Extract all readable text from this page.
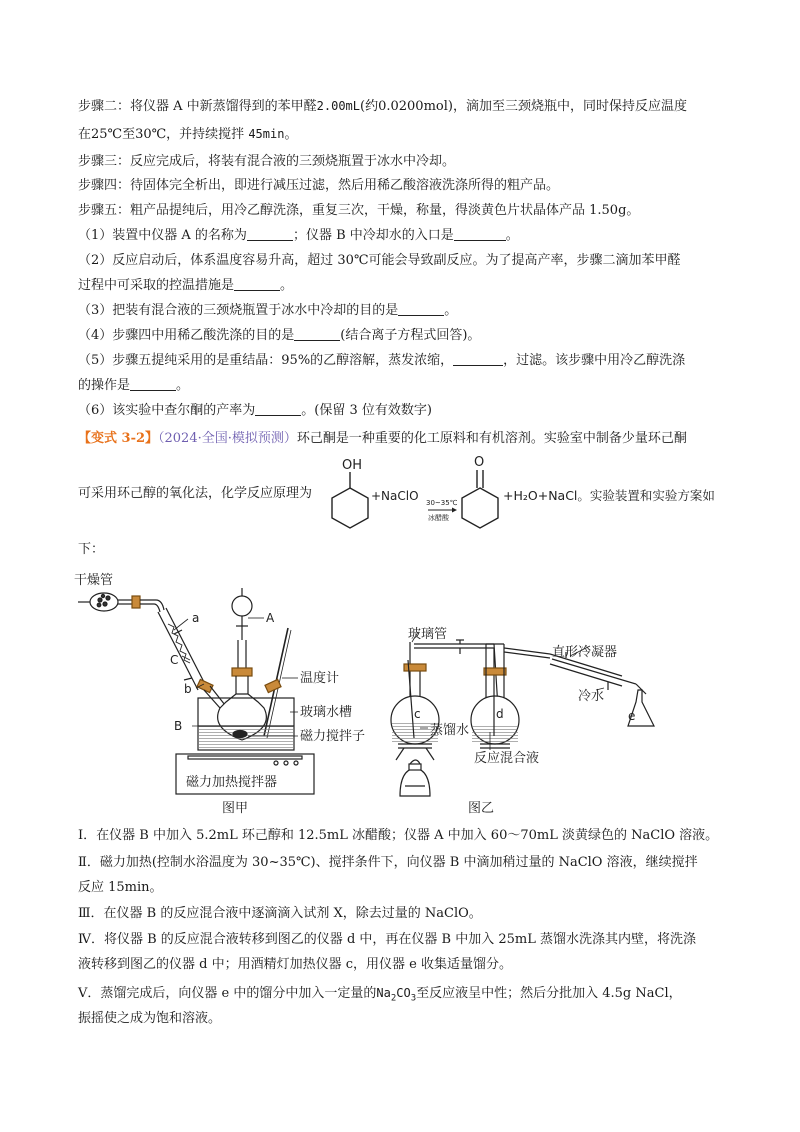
步骤二：将仪器 A 中新蒸馏得到的苯甲醛2.00mL(约0.0200mol)，滴加至三颈烧瓶中，同时保持反应温度
在25℃至30℃，并持续搅拌 45min。
步骤三：反应完成后，将装有混合液的三颈烧瓶置于冰水中冷却。
步骤四：待固体完全析出，即进行减压过滤，然后用稀乙酸溶液洗涤所得的粗产品。
步骤五：粗产品提纯后，用冷乙醇洗涤，重复三次，干燥，称量，得淡黄色片状晶体产品 1.50g。
（1）装置中仪器 A 的名称为	；仪器 B 中冷却水的入口是	。
（2）反应启动后，体系温度容易升高，超过 30℃可能会导致副反应。为了提高产率，步骤二滴加苯甲醛
过程中可采取的控温措施是	。
（3）把装有混合液的三颈烧瓶置于冰水中冷却的目的是	。
（4）步骤四中用稀乙酸洗涤的目的是	(结合离子方程式回答)。
（5）步骤五提纯采用的是重结晶：95%的乙醇溶解，蒸发浓缩，	，过滤。该步骤中用冷乙醇洗涤
的操作是	。
（6）该实验中查尔酮的产率为	。(保留 3 位有效数字)
【变式 3-2】（2024·全国·模拟预测）环己酮是一种重要的化工原料和有机溶剂。实验室中制备少量环己酮
可采用环己醇的氧化法，化学反应原理为
OH
+NaClO 30~35℃
冰醋酸
O
+H₂O+NaCl。实验装置和实验方案如
下：
干燥管
A
a
C
b
B
温度计
玻璃水槽
磁力搅拌子
磁力加热搅拌器
图甲
玻璃管
直形冷凝器
c	d	e
蒸馏水
冷水
反应混合液
图乙
Ⅰ．在仪器 B 中加入 5.2mL 环己醇和 12.5mL 冰醋酸；仪器 A 中加入 60～70mL 淡黄绿色的 NaClO 溶液。
Ⅱ．磁力加热(控制水浴温度为 30~35℃)、搅拌条件下，向仪器 B 中滴加稍过量的 NaClO 溶液，继续搅拌
反应 15min。
Ⅲ．在仪器 B 的反应混合液中逐滴滴入试剂 X，除去过量的 NaClO。
Ⅳ．将仪器 B 的反应混合液转移到图乙的仪器 d 中，再在仪器 B 中加入 25mL 蒸馏水洗涤其内壁，将洗涤
液转移到图乙的仪器 d 中；用酒精灯加热仪器 c，用仪器 e 收集适量馏分。
Ⅴ．蒸馏完成后，向仪器 e 中的馏分中加入一定量的$Na_2CO_3$至反应液呈中性；然后分批加入 4.5g NaCl，
振摇使之成为饱和溶液。
